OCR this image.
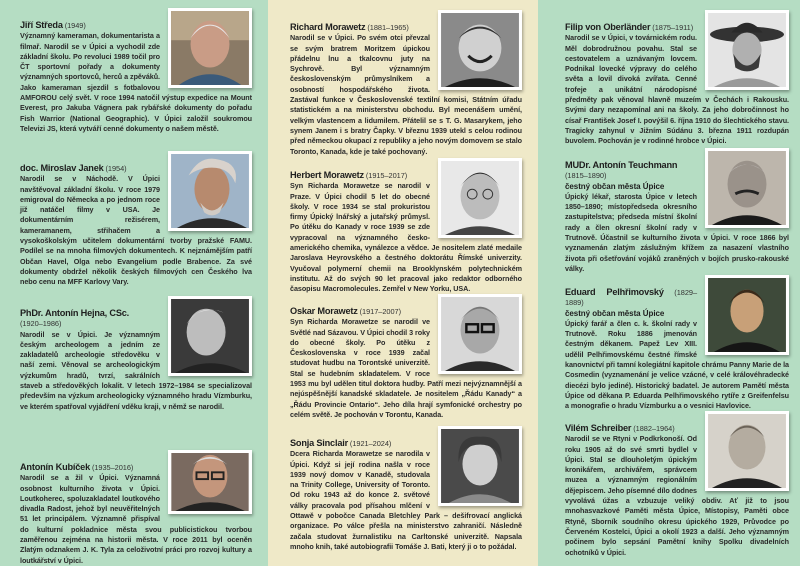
Jiří Středa (1949)
Významný kameraman, dokumentarista a filmař. Narodil se v Úpici a vychodil zde základní školu. Po revoluci 1989 točil pro ČT sportovní pořady a dokumenty významných sportovců, herců a zpěváků. Jako kameraman sjezdil s fotbalovou AMFOROU celý svět. V roce 1994 natočil výstup expedice na Mount Everest, pro Jakuba Vágnera pak rybářské dokumenty do pořadu Fish Warrior (National Geographic). V Úpici založil soukromou Televizi JS, která vytváří cenné dokumenty o našem městě.
doc. Miroslav Janek (1954)
Narodil se v Náchodě. V Úpici navštěvoval základní školu. V roce 1979 emigroval do Německa a po jednom roce již natáčel filmy v USA. Je dokumentárním režisérem, kameramanem, střihačem a vysokoškolským učitelem dokumentární tvorby pražské FAMU. Podílel se na mnoha filmových dokumentech. K nejznámějším patří Občan Havel, Olga nebo Evangelium podle Brabence. Za své dokumenty obdržel několik českých filmových cen Českého lva nebo cenu na MFF Karlovy Vary.
PhDr. Antonín Hejna, CSc.

(1920–1986)
Narodil se v Úpici. Je významným českým archeologem a jedním ze zakladatelů archeologie středověku v naší zemi. Věnoval se archeologickým výzkumům hradů, tvrzí, sakrálních staveb a středověkých lokalit. V letech 1972–1984 se specializoval především na výzkum archeologicky významného hradu Vízmburku, ve kterém spatřoval vyjádření vděku kraji, v němž se narodil.
Antonín Kubíček (1935–2016)
Narodil se a žil v Úpici. Významná osobnost kulturního života v Úpici. Loutkoherec, spoluzakladatel loutkového divadla Radost, jehož byl neuvěřitelných 51 let principálem. Významně přispíval do kulturní pokladnice města svou publicistickou tvorbou zaměřenou zejména na historii města. V roce 2011 byl oceněn Zlatým odznakem J. K. Tyla za celoživotní práci pro rozvoj kultury a loutkářství v Úpici.
Richard Morawetz (1881–1965)
Narodil se v Úpici. Po svém otci převzal se svým bratrem Moritzem úpickou přádelnu lnu a tkalcovnu juty na Sychrově. Byl významným československým průmyslníkem a osobností hospodářského života. Zastával funkce v Československé textilní komisi, Státním úřadu statistickém a na ministerstvu obchodu. Byl mecenášem umění, velkým vlastencem a lidumilem. Přátelil se s T. G. Masarykem, jeho synem Janem i s bratry Čapky. V březnu 1939 utekl s celou rodinou před německou okupací z republiky a jeho novým domovem se stalo Toronto, Kanada, kde je také pochovaný.
Herbert Morawetz (1915–2017)
Syn Richarda Morawetze se narodil v Praze. V Úpici chodil 5 let do obecné školy. V roce 1934 se stal prokuristou firmy Úpický lnářský a jutařský průmysl. Po útěku do Kanady v roce 1939 se zde vypracoval na významného česko-amerického chemika, vynálezce a vědce. Je nositelem zlaté medaile Jaroslava Heyrovského a čestného doktorátu Římské univerzity. Vyučoval polymerní chemii na Brooklynském polytechnickém institutu. Až do svých 90 let pracoval jako redaktor odborného časopisu Macromolecules. Zemřel v New Yorku, USA.
Oskar Morawetz (1917–2007)
Syn Richarda Morawetze se narodil ve Světlé nad Sázavou. V Úpici chodil 3 roky do obecné školy. Po útěku z Československa v roce 1939 začal studovat hudbu na Torontské univerzitě. Stal se hudebním skladatelem. V roce 1953 mu byl udělen titul doktora hudby. Patří mezi nejvýznamnější a nejúspěšnější kanadské skladatele. Je nositelem „Řádu Kanady“ a „Řádu Provincie Ontario“. Jeho díla hrají symfonické orchestry po celém světě. Je pochován v Torontu, Kanada.
Sonja Sinclair (1921–2024)
Dcera Richarda Morawetze se narodila v Úpici. Když si její rodina našla v roce 1939 nový domov v Kanadě, studovala na Trinity College, University of Toronto. Od roku 1943 až do konce 2. světové války pracovala pod přísahou mlčení v Ottawě v pobočce Canada Bletchley Park – dešifrovací anglická organizace. Po válce přešla na ministerstvo zahraničí. Následně začala studovat žurnalistiku na Carltonské univerzitě. Napsala mnoho knih, také autobiografii Tomáše J. Bati, který ji o to požádal.
Filip von Oberländer (1875–1911)
Narodil se v Úpici, v továrnickém rodu. Měl dobrodružnou povahu. Stal se cestovatelem a uznávaným lovcem. Podnikal lovecké výpravy do celého světa a lovil divoká zvířata. Cenné trofeje a unikátní národopisné předměty pak věnoval hlavně muzeím v Čechách i Rakousku. Svými dary nezapomínal ani na školy. Za jeho dobročinnost ho císař František Josef I. povýšil 6. října 1910 do šlechtického stavu. Tragicky zahynul v Jižním Súdánu 3. března 1911 rozdupán buvolem. Pochován je v rodinné hrobce v Úpici.
MUDr. Antonín Teuchmann

(1815–1890)
čestný občan města Úpice
Úpický lékař, starosta Úpice v letech 1850–1890; místopředseda okresního zastupitelstva; předseda místní školní rady a člen okresní školní rady v Trutnově. Účastnil se kulturního života v Úpici. V roce 1866 byl vyznamenán zlatým záslužným křížem za nasazení vlastního života při ošetřování vojáků zraněných v bojích prusko-rakouské války.
Eduard Pelhřimovský (1829–1889)
čestný občan města Úpice
Úpický farář a člen c. k. školní rady v Trutnově. Roku 1886 jmenován čestným děkanem. Papež Lev XIII. udělil Pelhřimovskému čestné římské kanovnictví při tamní kolegiátní kapitole chrámu Panny Marie de la Cosmedin (vyznamenání je velice vzácné, v celé královéhradecké diecézi bylo jediné). Historický badatel. Je autorem Pamětí města Úpice od děkana P. Eduarda Pelhřimovského rytíře z Greifenfelsu a monografie o hradu Vízmburku a o vesnici Havlovice.
Vilém Schreiber (1882–1964)
Narodil se ve Rtyni v Podkrkonoší. Od roku 1905 až do své smrti bydlel v Úpici. Stal se dlouholetým úpickým kronikářem, archivářem, správcem muzea a významným regionálním dějepiscem. Jeho písemné dílo dodnes vyvolává úžas a vzbuzuje veliký obdiv. Ať již to jsou mnohasvazkové Paměti města Úpice, Místopisy, Paměti obce Rtyně, Sborník soudního okresu úpického 1929, Průvodce po Červeném Kostelci, Úpici a okolí 1923 a další. Jeho významným počinem bylo sepsání Pamětní knihy Spolku divadelních ochotníků v Úpici.
